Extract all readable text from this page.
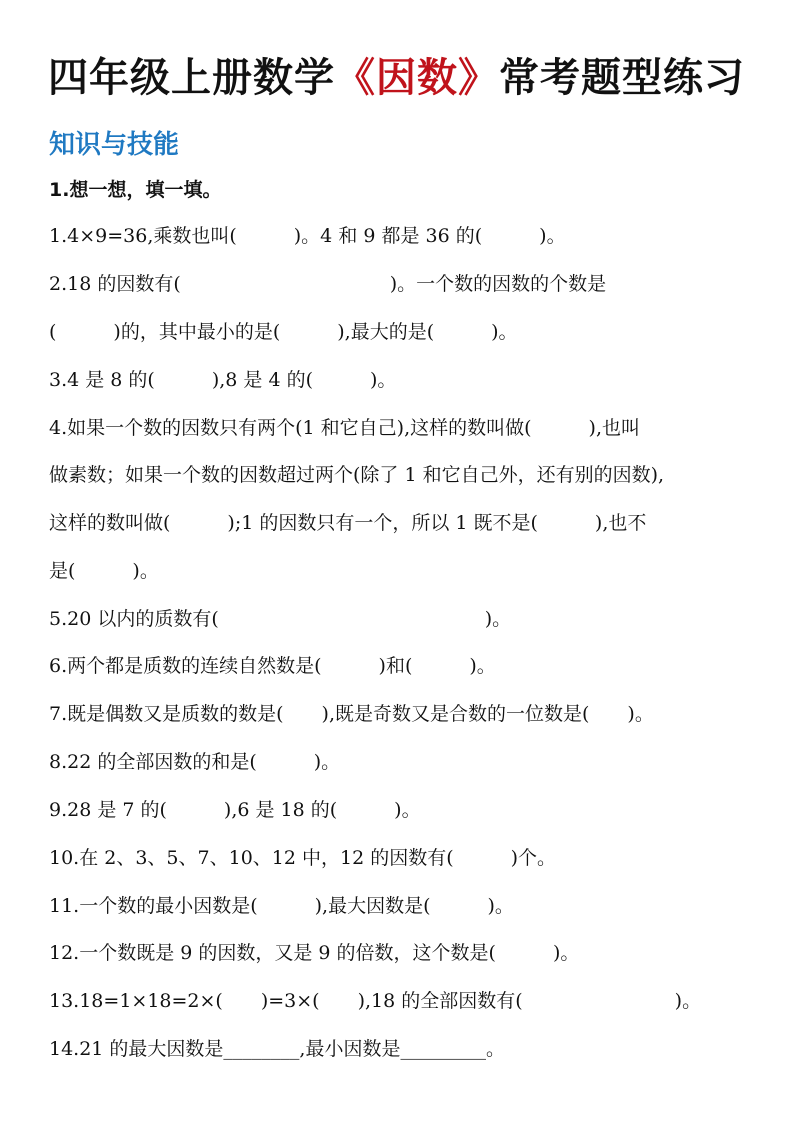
四年级上册数学《因数》常考题型练习
知识与技能
1.想一想，填一填。
1.4×9=36,乘数也叫(　　　)。4 和 9 都是 36 的(　　　)。
2.18 的因数有(　　　　　　　　　　　)。一个数的因数的个数是
(　　　)的，其中最小的是(　　　),最大的是(　　　)。
3.4 是 8 的(　　　),8 是 4 的(　　　)。
4.如果一个数的因数只有两个(1 和它自己),这样的数叫做(　　　),也叫
做素数；如果一个数的因数超过两个(除了 1 和它自己外，还有别的因数),
这样的数叫做(　　　);1 的因数只有一个，所以 1 既不是(　　　),也不
是(　　　)。
5.20 以内的质数有(　　　　　　　　　　　　　　)。
6.两个都是质数的连续自然数是(　　　)和(　　　)。
7.既是偶数又是质数的数是(　　),既是奇数又是合数的一位数是(　　)。
8.22 的全部因数的和是(　　　)。
9.28 是 7 的(　　　),6 是 18 的(　　　)。
10.在 2、3、5、7、10、12 中，12 的因数有(　　　)个。
11.一个数的最小因数是(　　　),最大因数是(　　　)。
12.一个数既是 9 的因数，又是 9 的倍数，这个数是(　　　)。
13.18=1×18=2×(　　)=3×(　　),18 的全部因数有(　　　　　　　　)。
14.21 的最大因数是________,最小因数是_________。
